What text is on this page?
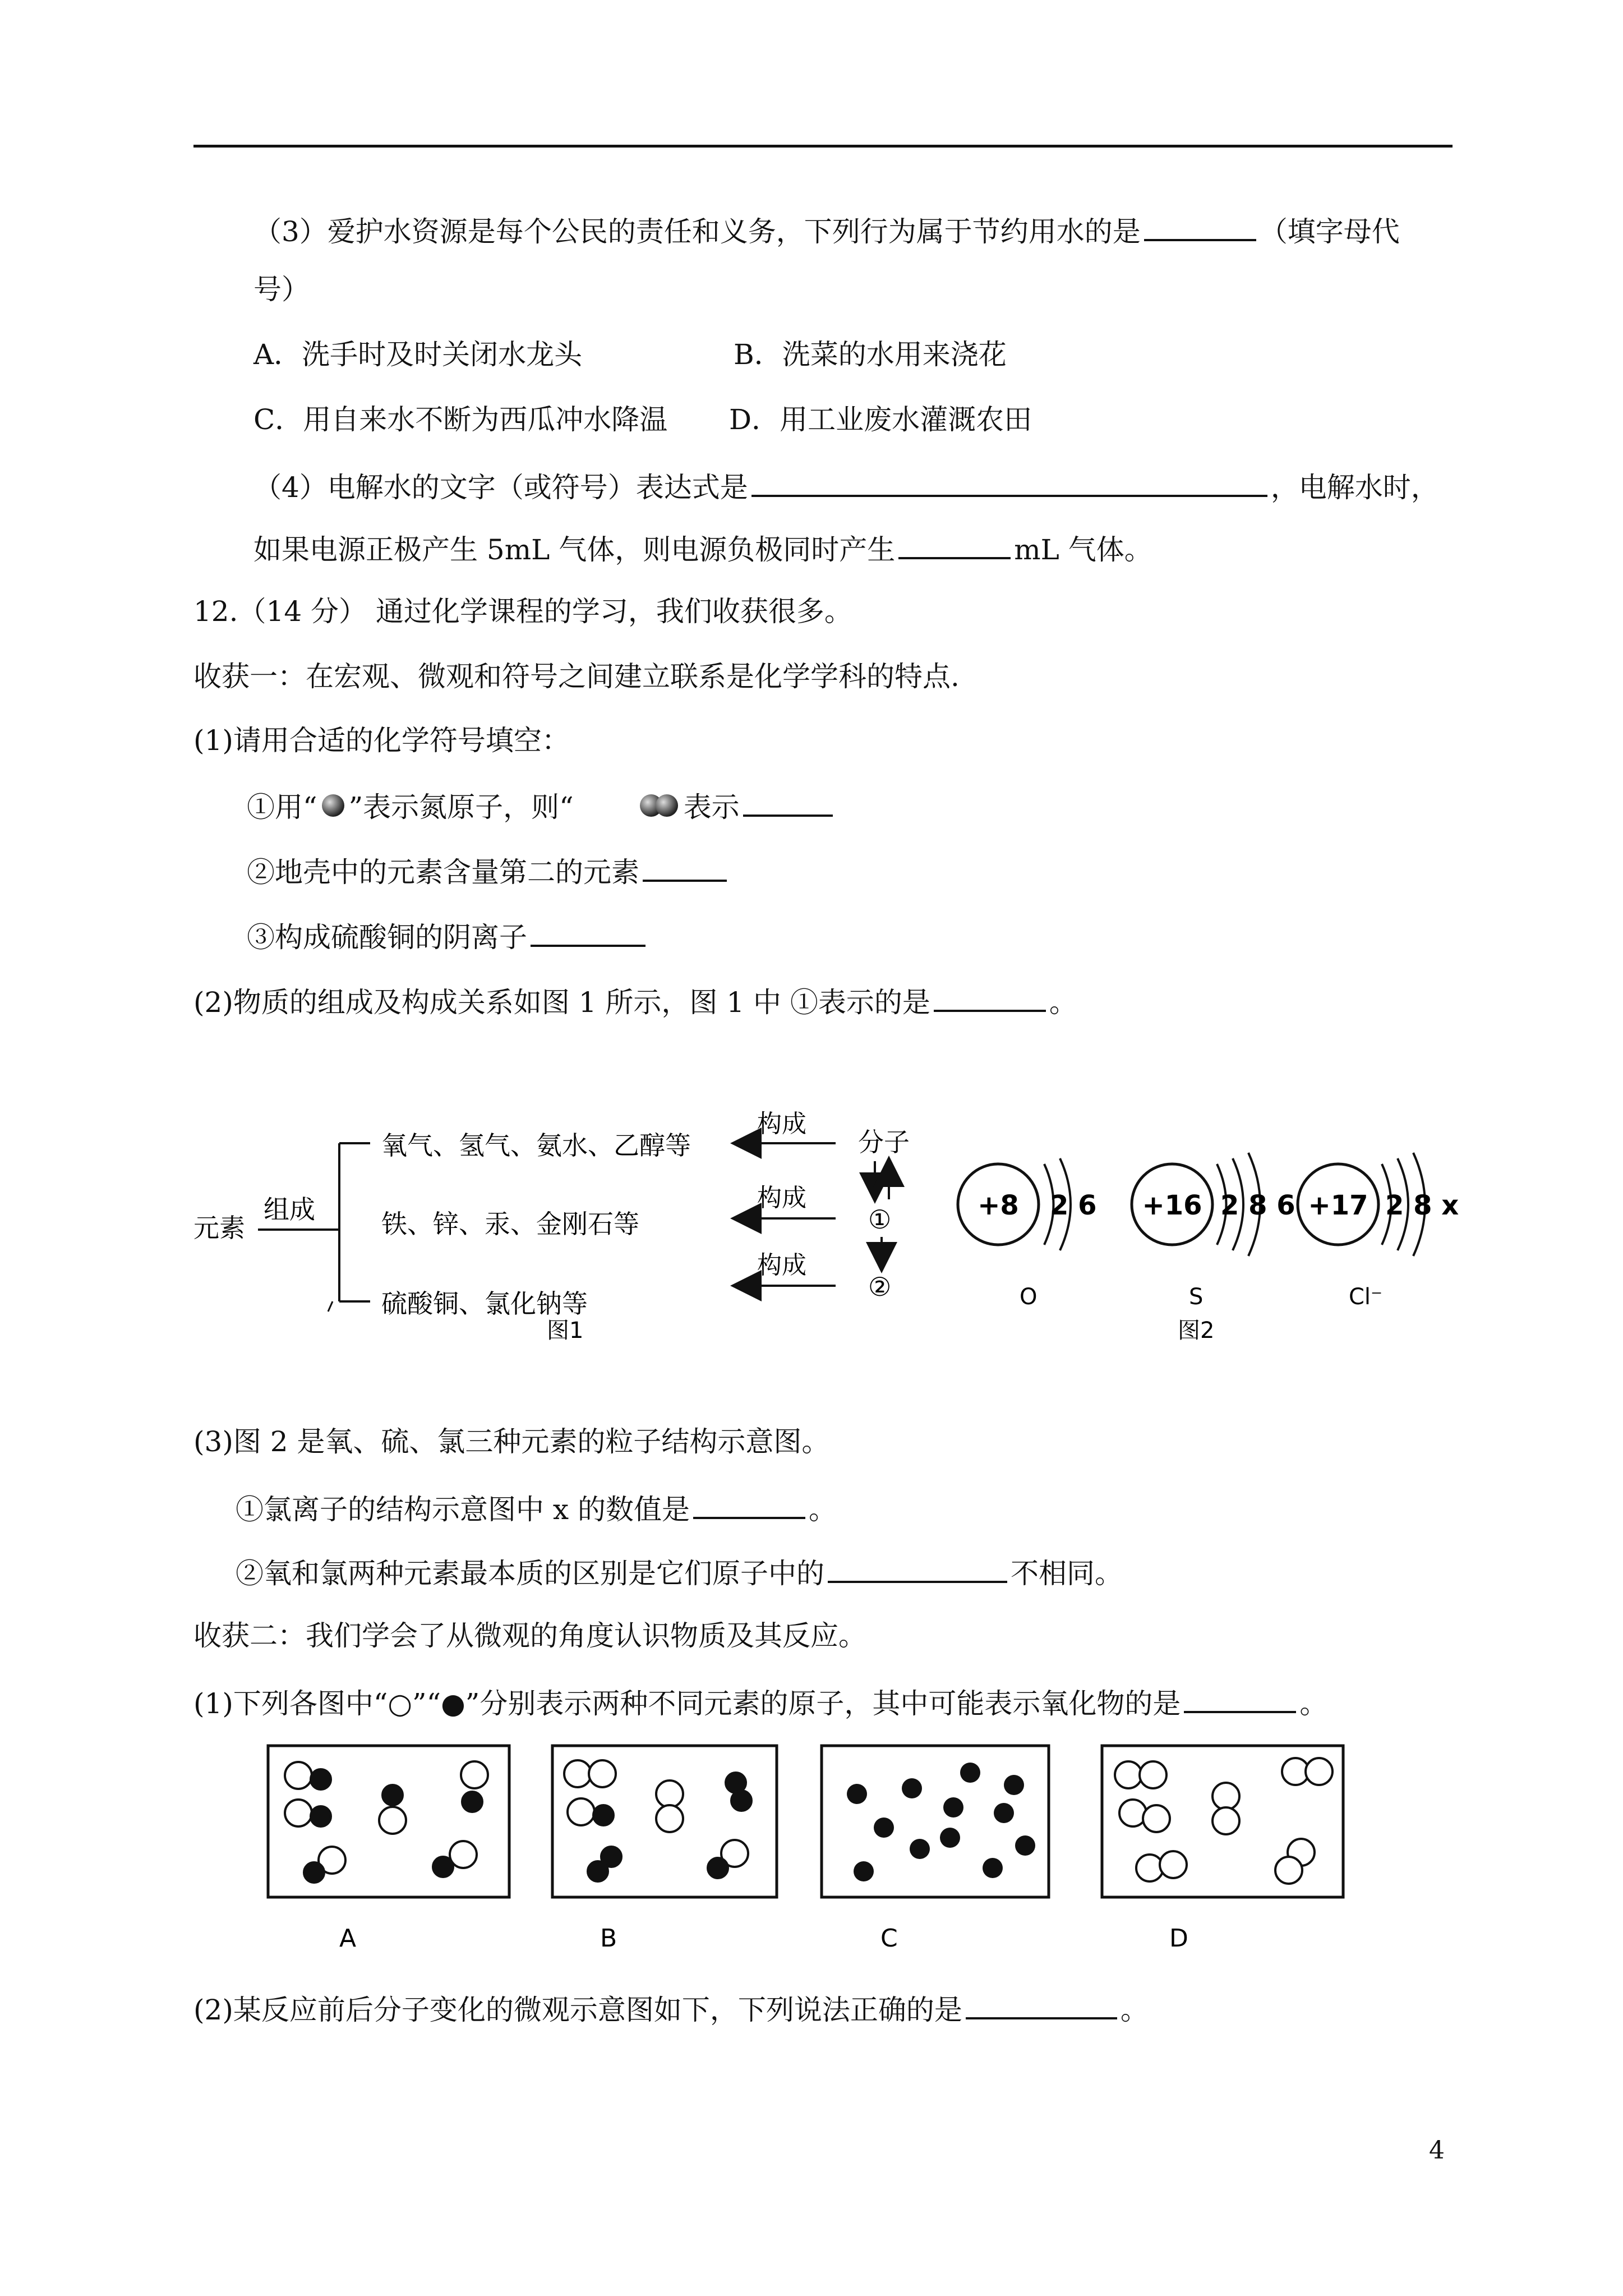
（3）爱护水资源是每个公民的责任和义务，下列行为属于节约用水的是	（填字母代
号）
A．洗手时及时关闭水龙头	B．洗菜的水用来浇花
C．用自来水不断为西瓜冲水降温 D．用工业废水灌溉农田
（4）电解水的文字（或符号）表达式是	，电解水时，
如果电源正极产生 5mL 气体，则电源负极同时产生	mL 气体。
12.（14 分） 通过化学课程的学习，我们收获很多。
收获一：在宏观、微观和符号之间建立联系是化学学科的特点.
(1)请用合适的化学符号填空：
①用“ ”表示氮原子，则“	表示
②地壳中的元素含量第二的元素
③构成硫酸铜的阴离子
(2)物质的组成及构成关系如图 1 所示，图 1 中 ①表示的是	。
元素
组成
氧气、氢气、氨水、乙醇等
铁、锌、汞、金刚石等
硫酸铜、氯化钠等
构成
构成
构成
分子
①
②
图1
+8 2 6
O
+16 2 8 6
S
图2
+17 2 8 x
Cl⁻
(3)图 2 是氧、硫、氯三种元素的粒子结构示意图。
①氯离子的结构示意图中 x 的数值是	。
②氧和氯两种元素最本质的区别是它们原子中的	不相同。
收获二：我们学会了从微观的角度认识物质及其反应。
(1)下列各图中“○”“●”分别表示两种不同元素的原子，其中可能表示氧化物的是	。
A	B	C	D
(2)某反应前后分子变化的微观示意图如下，下列说法正确的是	。
4
